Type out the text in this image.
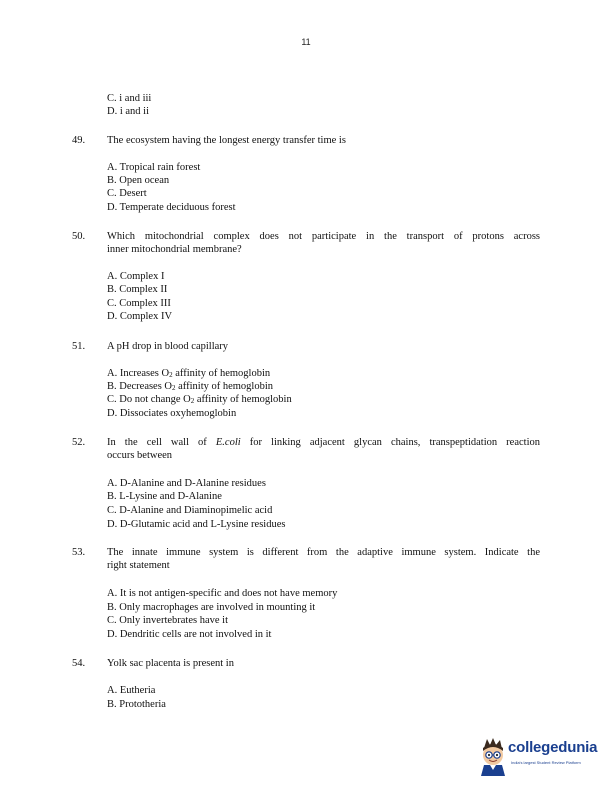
11
C. i and iii
D. i and ii
49. The ecosystem having the longest energy transfer time is
A. Tropical rain forest
B. Open ocean
C. Desert
D. Temperate deciduous forest
50. Which mitochondrial complex does not participate in the transport of protons across
inner mitochondrial membrane?
A. Complex I
B. Complex II
C. Complex III
D. Complex IV
51. A pH drop in blood capillary
A. Increases $O_2$ affinity of hemoglobin
B. Decreases $O_2$ affinity of hemoglobin
C. Do not change $O_2$ affinity of hemoglobin
D. Dissociates oxyhemoglobin
52. In the cell wall of E.coli for linking adjacent glycan chains, transpeptidation reaction
occurs between
A. D-Alanine and D-Alanine residues
B. L-Lysine and D-Alanine
C. D-Alanine and Diaminopimelic acid
D. D-Glutamic acid and L-Lysine residues
53. The innate immune system is different from the adaptive immune system. Indicate the
right statement
A. It is not antigen-specific and does not have memory
B. Only macrophages are involved in mounting it
C. Only invertebrates have it
D. Dendritic cells are not involved in it
54. Yolk sac placenta is present in
A. Eutheria
B. Prototheria
collegedunia
India's largest Student Review Platform
